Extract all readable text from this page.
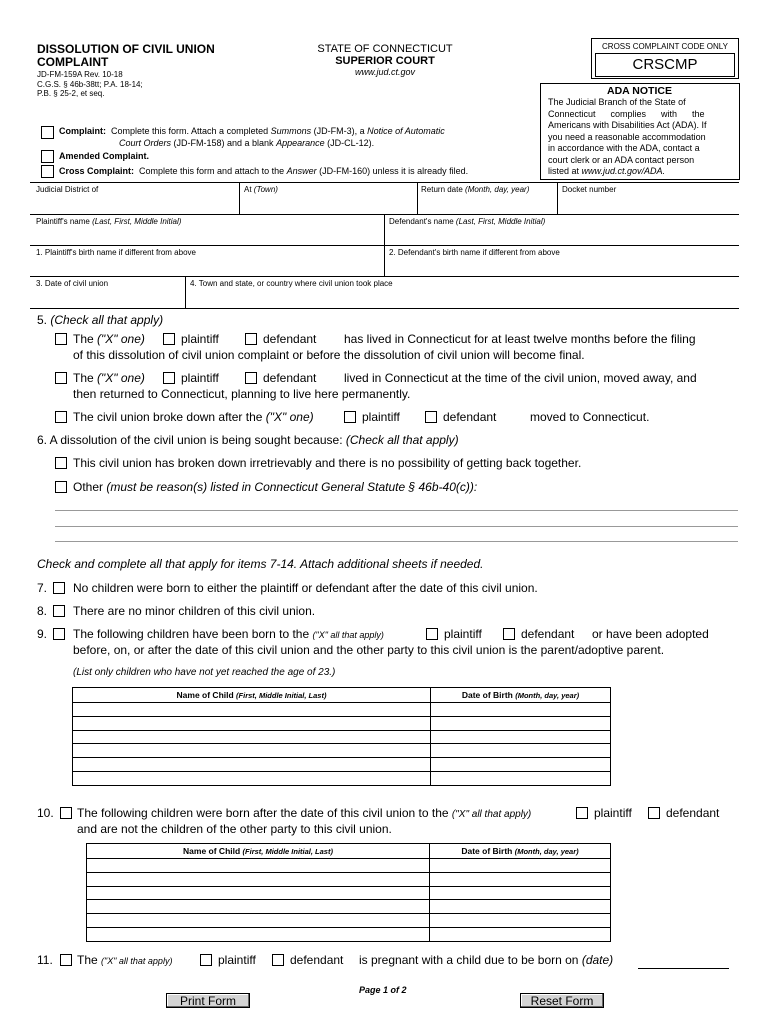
DISSOLUTION OF CIVIL UNION
COMPLAINT
JD-FM-159A Rev. 10-18
C.G.S. § 46b-38tt; P.A. 18-14;
P.B. § 25-2, et seq.
STATE OF CONNECTICUT
SUPERIOR COURT
www.jud.ct.gov
CROSS COMPLAINT CODE ONLY
CRSCMP
ADA NOTICE
The Judicial Branch of the State of
Connecticut      complies      with      the
Americans with Disabilities Act (ADA). If
you need a reasonable accommodation
in accordance with the ADA, contact a
court clerk or an ADA contact person
listed at www.jud.ct.gov/ADA.
Complaint: Complete this form. Attach a completed Summons (JD-FM-3), a Notice of Automatic
Court Orders (JD-FM-158) and a blank Appearance (JD-CL-12).
Amended Complaint.
Cross Complaint: Complete this form and attach to the Answer (JD-FM-160) unless it is already filed.
Judicial District of	At (Town)	Return date (Month, day, year)	Docket number
Plaintiff's name (Last, First, Middle Initial)	Defendant's name (Last, First, Middle Initial)
1. Plaintiff's birth name if different from above	2. Defendant's birth name if different from above
3. Date of civil union	4. Town and state, or country where civil union took place
5. (Check all that apply)
The ("X" one)	plaintiff	defendant has lived in Connecticut for at least twelve months before the filing
of this dissolution of civil union complaint or before the dissolution of civil union will become final.
The ("X" one)	plaintiff	defendant lived in Connecticut at the time of the civil union, moved away, and
then returned to Connecticut, planning to live here permanently.
The civil union broke down after the ("X" one)	plaintiff	defendant	moved to Connecticut.
6. A dissolution of the civil union is being sought because: (Check all that apply)
This civil union has broken down irretrievably and there is no possibility of getting back together.
Other (must be reason(s) listed in Connecticut General Statute § 46b-40(c)):
Check and complete all that apply for items 7-14. Attach additional sheets if needed.
7. No children were born to either the plaintiff or defendant after the date of this civil union.
8. There are no minor children of this civil union.
9. The following children have been born to the ("X" all that apply)	plaintiff	defendant or have been adopted
before, on, or after the date of this civil union and the other party to this civil union is the parent/adoptive parent.
(List only children who have not yet reached the age of 23.)
Name of Child (First, Middle Initial, Last)	Date of Birth (Month, day, year)

10. The following children were born after the date of this civil union to the ("X" all that apply)	plaintiff	defendant
and are not the children of the other party to this civil union.
Name of Child (First, Middle Initial, Last)	Date of Birth (Month, day, year)

11. The ("X" all that apply)	plaintiff	defendant is pregnant with a child due to be born on (date)
Page 1 of 2
Print Form	Reset Form
